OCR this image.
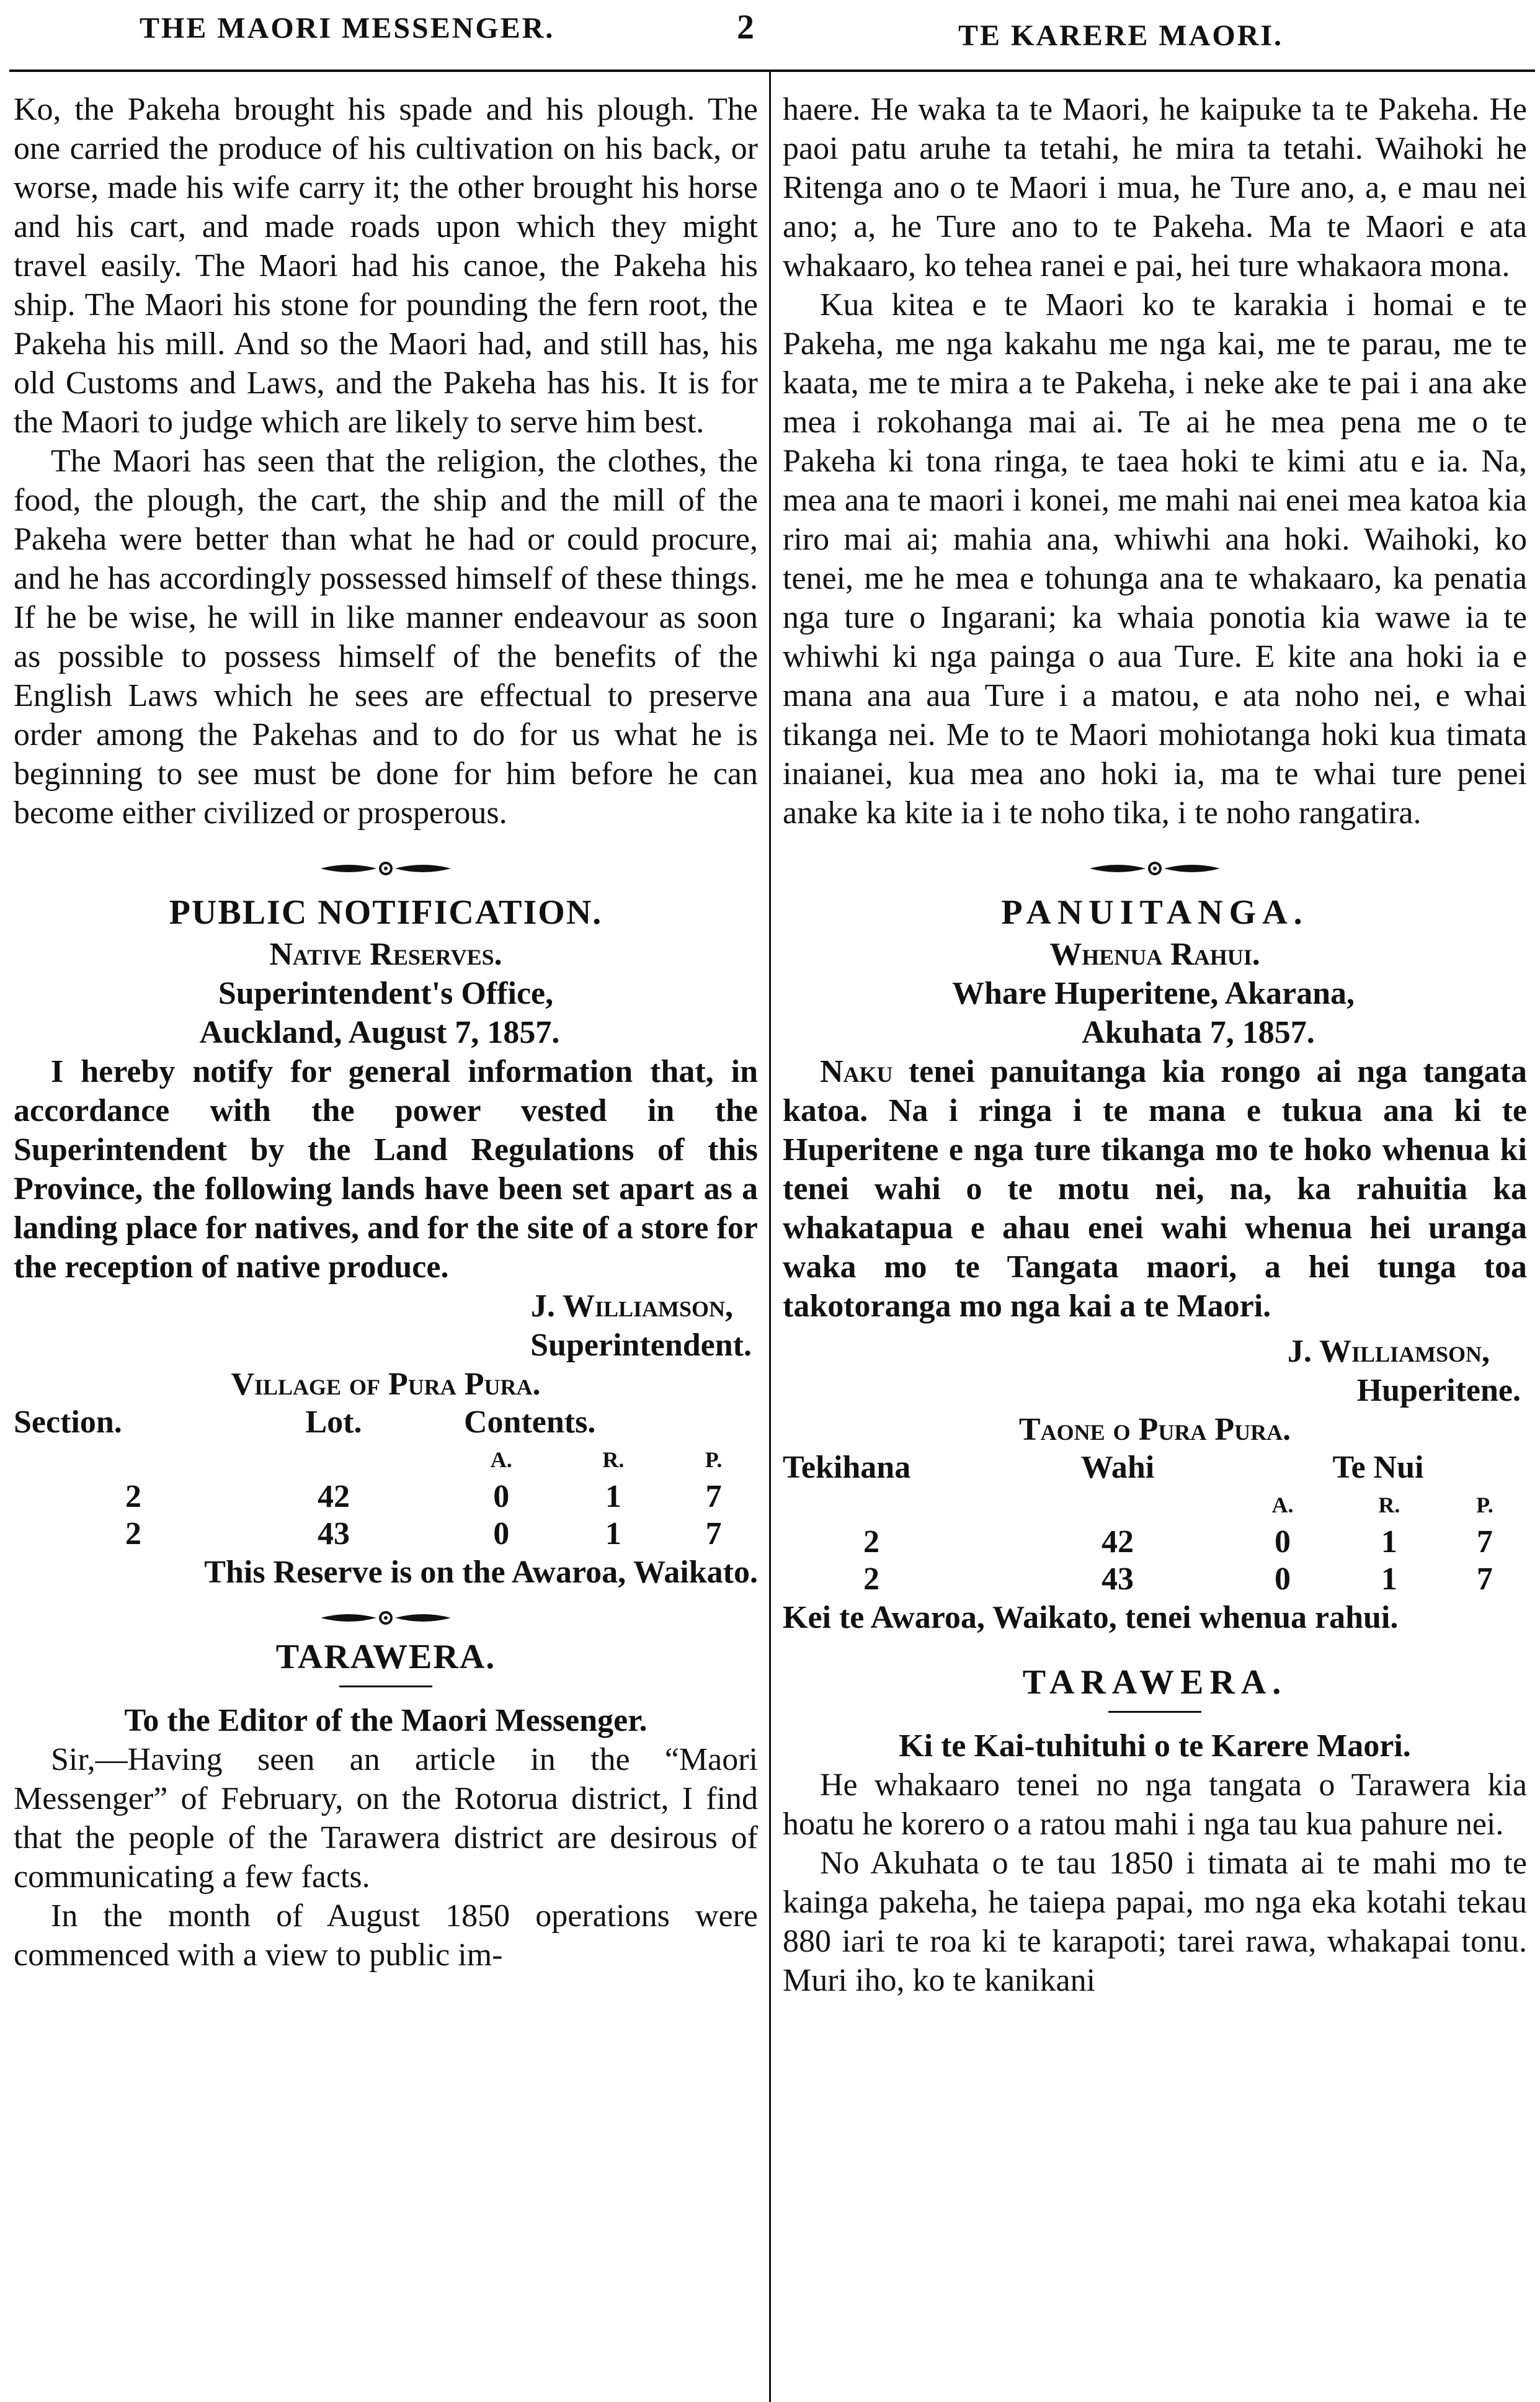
THE MAORI MESSENGER.	2	TE KARERE MAORI.

Ko, the Pakeha brought his spade and his plough. The one carried the produce of his cultivation on his back, or worse, made his wife carry it; the other brought his horse and his cart, and made roads upon which they might travel easily. The Maori had his canoe, the Pakeha his ship. The Maori his stone for pounding the fern root, the Pakeha his mill. And so the Maori had, and still has, his old Customs and Laws, and the Pakeha has his. It is for the Maori to judge which are likely to serve him best.

The Maori has seen that the religion, the clothes, the food, the plough, the cart, the ship and the mill of the Pakeha were better than what he had or could procure, and he has accordingly possessed himself of these things. If he be wise, he will in like manner endeavour as soon as possible to possess himself of the benefits of the English Laws which he sees are effectual to preserve order among the Pakehas and to do for us what he is beginning to see must be done for him before he can become either civilized or prosperous.

PUBLIC NOTIFICATION.
Native Reserves.
Superintendent's Office,
Auckland, August 7, 1857.

I hereby notify for general information that, in accordance with the power vested in the Superintendent by the Land Regulations of this Province, the following lands have been set apart as a landing place for natives, and for the site of a store for the reception of native produce.

J. Williamson,
Superintendent.
Village of Pura Pura.
Section.	Lot.	Contents.		
		A.	R.	P.
2	42	0	1	7
2	43	0	1	7
This Reserve is on the Awaroa, Waikato.
TARAWERA.
To the Editor of the Maori Messenger.

Sir,—Having seen an article in the “Maori Messenger” of February, on the Rotorua district, I find that the people of the Tarawera district are desirous of communicating a few facts.

In the month of August 1850 operations were commenced with a view to public im-

haere. He waka ta te Maori, he kaipuke ta te Pakeha. He paoi patu aruhe ta tetahi, he mira ta tetahi. Waihoki he Ritenga ano o te Maori i mua, he Ture ano, a, e mau nei ano; a, he Ture ano to te Pakeha. Ma te Maori e ata whakaaro, ko tehea ranei e pai, hei ture whakaora mona.

Kua kitea e te Maori ko te karakia i homai e te Pakeha, me nga kakahu me nga kai, me te parau, me te kaata, me te mira a te Pakeha, i neke ake te pai i ana ake mea i rokohanga mai ai. Te ai he mea pena me o te Pakeha ki tona ringa, te taea hoki te kimi atu e ia. Na, mea ana te maori i konei, me mahi nai enei mea katoa kia riro mai ai; mahia ana, whiwhi ana hoki. Waihoki, ko tenei, me he mea e tohunga ana te whakaaro, ka penatia nga ture o Ingarani; ka whaia ponotia kia wawe ia te whiwhi ki nga painga o aua Ture. E kite ana hoki ia e mana ana aua Ture i a matou, e ata noho nei, e whai tikanga nei. Me to te Maori mohiotanga hoki kua timata inaianei, kua mea ano hoki ia, ma te whai ture penei anake ka kite ia i te noho tika, i te noho rangatira.

PANUITANGA.
Whenua Rahui.
Whare Huperitene, Akarana,
Akuhata 7, 1857.

Naku tenei panuitanga kia rongo ai nga tangata katoa. Na i ringa i te mana e tukua ana ki te Huperitene e nga ture tikanga mo te hoko whenua ki tenei wahi o te motu nei, na, ka rahuitia ka whakatapua e ahau enei wahi whenua hei uranga waka mo te Tangata maori, a hei tunga toa takotoranga mo nga kai a te Maori.

J. Williamson,
Huperitene.
Taone o Pura Pura.
Tekihana	Wahi	Te Nui		
		A.	R.	P.
2	42	0	1	7
2	43	0	1	7
Kei te Awaroa, Waikato, tenei whenua rahui.
TARAWERA.
Ki te Kai-tuhituhi o te Karere Maori.

He whakaaro tenei no nga tangata o Tarawera kia hoatu he korero o a ratou mahi i nga tau kua pahure nei.

No Akuhata o te tau 1850 i timata ai te mahi mo te kainga pakeha, he taiepa papai, mo nga eka kotahi tekau 880 iari te roa ki te karapoti; tarei rawa, whakapai tonu. Muri iho, ko te kanikani
